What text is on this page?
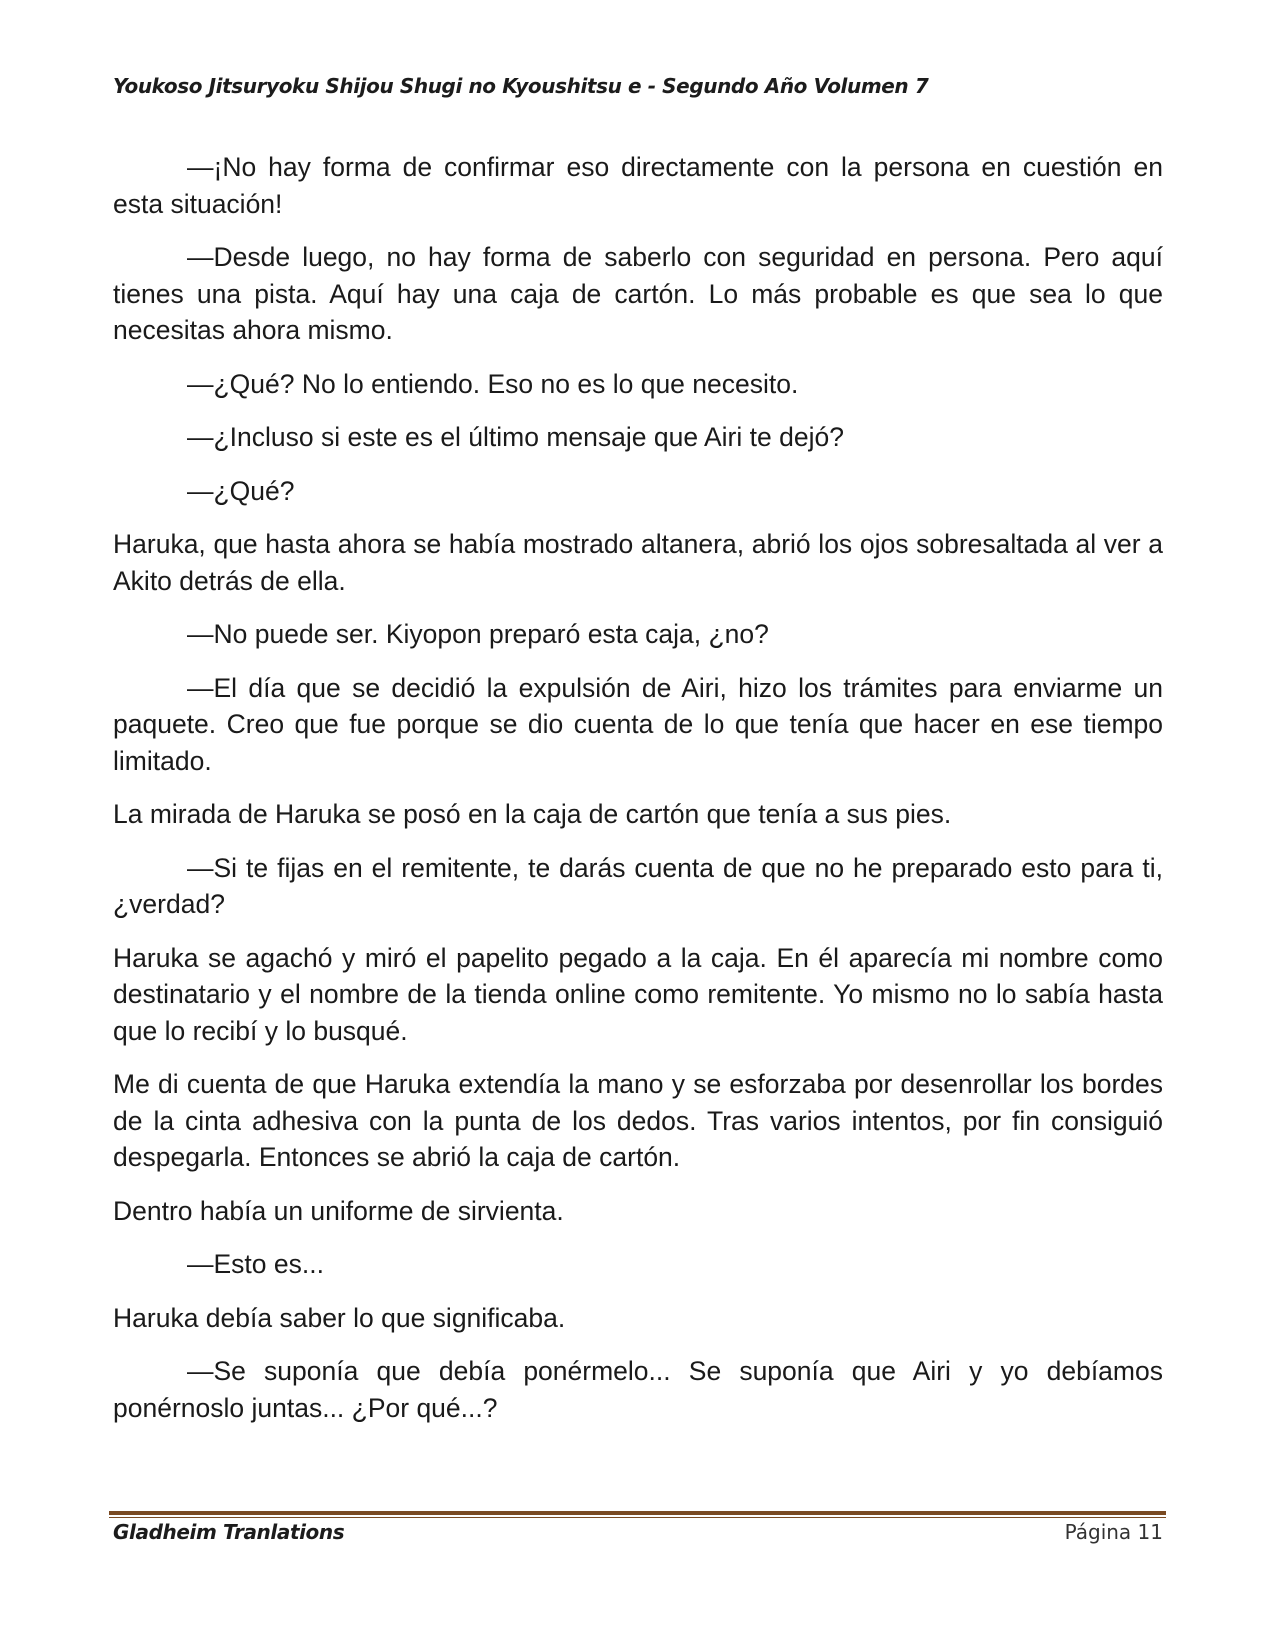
Youkoso Jitsuryoku Shijou Shugi no Kyoushitsu e - Segundo Año Volumen 7

—¡No hay forma de confirmar eso directamente con la persona en cuestión en esta situación!

—Desde luego, no hay forma de saberlo con seguridad en persona. Pero aquí tienes una pista. Aquí hay una caja de cartón. Lo más probable es que sea lo que necesitas ahora mismo.

—¿Qué? No lo entiendo. Eso no es lo que necesito.

—¿Incluso si este es el último mensaje que Airi te dejó?

—¿Qué?

Haruka, que hasta ahora se había mostrado altanera, abrió los ojos sobresaltada al ver a Akito detrás de ella.

—No puede ser. Kiyopon preparó esta caja, ¿no?

—El día que se decidió la expulsión de Airi, hizo los trámites para enviarme un paquete. Creo que fue porque se dio cuenta de lo que tenía que hacer en ese tiempo limitado.

La mirada de Haruka se posó en la caja de cartón que tenía a sus pies.

—Si te fijas en el remitente, te darás cuenta de que no he preparado esto para ti, ¿verdad?

Haruka se agachó y miró el papelito pegado a la caja. En él aparecía mi nombre como destinatario y el nombre de la tienda online como remitente. Yo mismo no lo sabía hasta que lo recibí y lo busqué.

Me di cuenta de que Haruka extendía la mano y se esforzaba por desenrollar los bordes de la cinta adhesiva con la punta de los dedos. Tras varios intentos, por fin consiguió despegarla. Entonces se abrió la caja de cartón.

Dentro había un uniforme de sirvienta.

—Esto es...

Haruka debía saber lo que significaba.

—Se suponía que debía ponérmelo... Se suponía que Airi y yo debíamos ponérnoslo juntas... ¿Por qué...?

Gladheim Tranlations	Página 11
